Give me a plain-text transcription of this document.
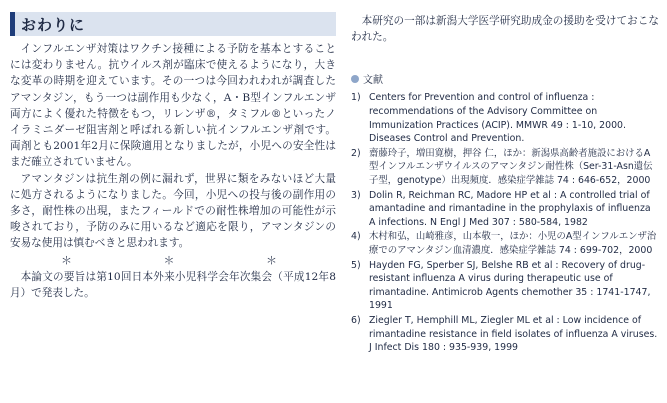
おわりに

インフルエンザ対策はワクチン接種による予防を基本とすることには変わりません。抗ウイルス剤が臨床で使えるようになり，大きな変革の時期を迎えています。その一つは今回われわれが調査したアマンタジン，もう一つは副作用も少なく，A・B型インフルエンザ両方によく優れた特徴をもつ，リレンザ®，タミフル®といったノイラミニダーゼ阻害剤と呼ばれる新しい抗インフルエンザ剤です。両剤とも2001年2月に保険適用となりましたが，小児への安全性はまだ確立されていません。

アマンタジンは抗生剤の例に漏れず，世界に類をみないほど大量に処方されるようになりました。今回，小児への投与後の副作用の多さ，耐性株の出現，またフィールドでの耐性株増加の可能性が示唆されており，予防のみに用いるなど適応を限り，アマンタジンの安易な使用は慎むべきと思われます。

＊ ＊ ＊

本論文の要旨は第10回日本外来小児科学会年次集会（平成12年8月）で発表した。

本研究の一部は新潟大学医学研究助成金の援助を受けておこなわれた。

文献
1) Centers for Prevention and control of influenza : recommendations of the Advisory Committee on Immunization Practices (ACIP). MMWR 49 : 1-10, 2000. Diseases Control and Prevention.
2) 齋藤玲子，増田寛樹，押谷 仁，ほか：新潟県高齢者施設におけるA型インフルエンザウイルスのアマンタジン耐性株（Ser-31-Asn遺伝子型，genotype）出現頻度．感染症学雑誌 74 : 646-652，2000
3) Dolin R, Reichman RC, Madore HP et al : A controlled trial of amantadine and rimantadine in the prophylaxis of influenza A infections. N Engl J Med 307 : 580-584, 1982
4) 木村和弘，山崎雅彦，山本敬一，ほか：小児のA型インフルエンザ治療でのアマンタジン血清濃度．感染症学雑誌 74 : 699-702，2000
5) Hayden FG, Sperber SJ, Belshe RB et al : Recovery of drug-resistant influenza A virus during therapeutic use of rimantadine. Antimicrob Agents chemother 35 : 1741-1747, 1991
6) Ziegler T, Hemphill ML, Ziegler ML et al : Low incidence of rimantadine resistance in field isolates of influenza A viruses. J Infect Dis 180 : 935-939, 1999
